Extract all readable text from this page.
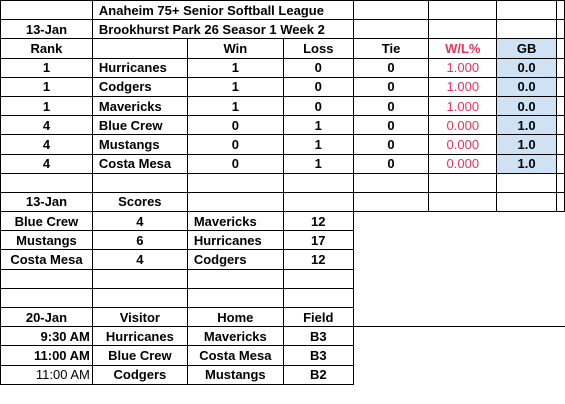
	Anaheim 75+ Senior Softball League						
13-Jan	Brookhurst Park 26 Seasor 1 Week 2						
Rank		Win	Loss	Tie	W/L%	GB	
1	Hurricanes	1	0	0	1.000	0.0	
1	Codgers	1	0	0	1.000	0.0	
1	Mavericks	1	0	0	1.000	0.0	
4	Blue Crew	0	1	0	0.000	1.0	
4	Mustangs	0	1	0	0.000	1.0	
4	Costa Mesa	0	1	0	0.000	1.0	

13-Jan	Scores						
Blue Crew	4	Mavericks	12				
Mustangs	6	Hurricanes	17				
Costa Mesa	4	Codgers	12				

20-Jan	Visitor	Home	Field				
9:30 AM	Hurricanes	Mavericks	B3				
11:00 AM	Blue Crew	Costa Mesa	B3				
11:00 AM	Codgers	Mustangs	B2				
